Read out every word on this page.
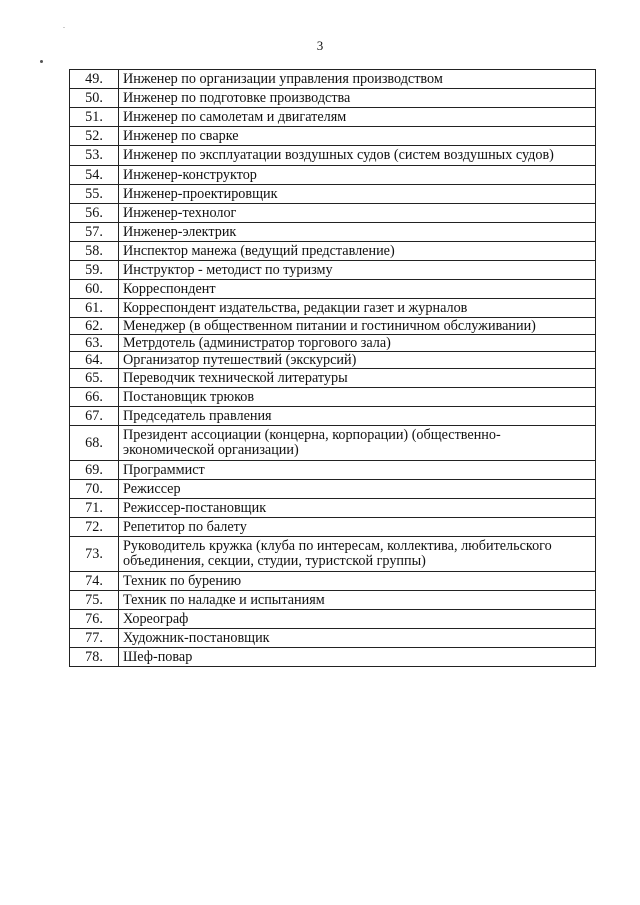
3
49.	Инженер по организации управления производством
50.	Инженер по подготовке производства
51.	Инженер по самолетам и двигателям
52.	Инженер по сварке
53.	Инженер по эксплуатации воздушных судов (систем воздушных судов)
54.	Инженер-конструктор
55.	Инженер-проектировщик
56.	Инженер-технолог
57.	Инженер-электрик
58.	Инспектор манежа (ведущий представление)
59.	Инструктор - методист по туризму
60.	Корреспондент
61.	Корреспондент издательства, редакции газет и журналов
62.	Менеджер (в общественном питании и гостиничном обслуживании)
63.	Метрдотель (администратор торгового зала)
64.	Организатор путешествий (экскурсий)
65.	Переводчик технической литературы
66.	Постановщик трюков
67.	Председатель правления
68.	Президент ассоциации (концерна, корпорации) (общественно-экономической организации)
69.	Программист
70.	Режиссер
71.	Режиссер-постановщик
72.	Репетитор по балету
73.	Руководитель кружка (клуба по интересам, коллектива, любительского объединения, секции, студии, туристской группы)
74.	Техник по бурению
75.	Техник по наладке и испытаниям
76.	Хореограф
77.	Художник-постановщик
78.	Шеф-повар
